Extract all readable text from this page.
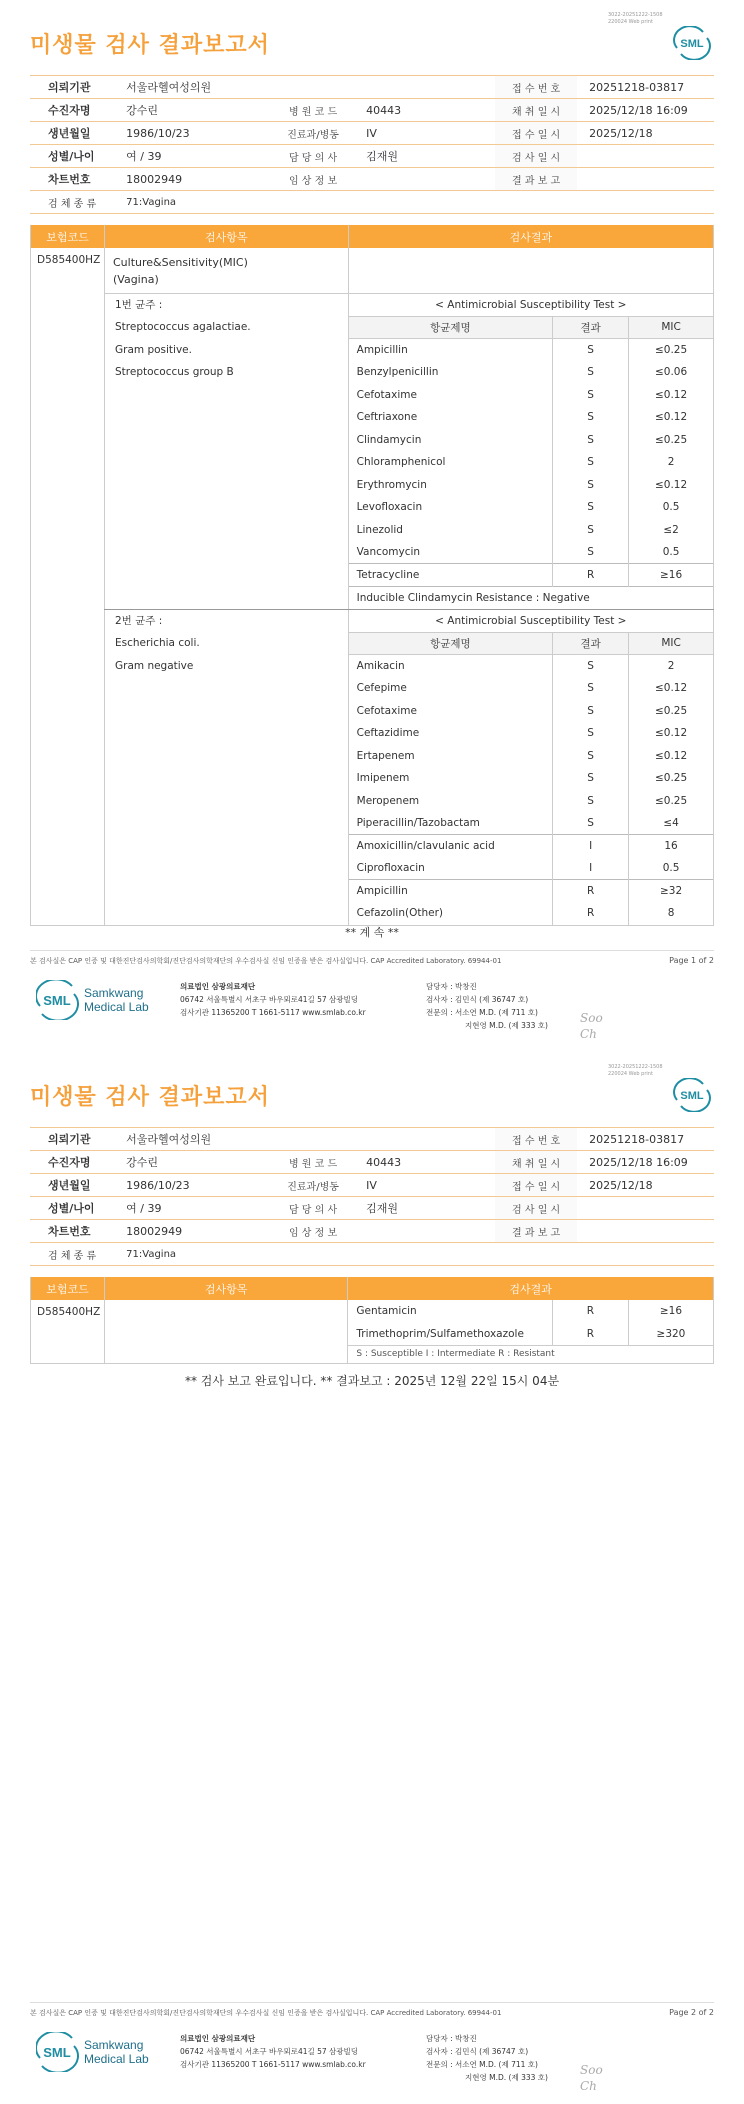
3022-20251222-1508
220024 Web print
미생물 검사 결과보고서	SML
의뢰기관	서울라헬여성의원			접 수 번 호	20251218-03817
수진자명	강수린	병 원 코 드	40443	채 취 일 시	2025/12/18 16:09
생년월일	1986/10/23	진료과/병동	IV	접 수 일 시	2025/12/18
성별/나이	여 / 39	담 당 의 사	김재원	검 사 일 시	
차트번호	18002949	임 상 정 보		결 과 보 고	
검 체 종 류	71:Vagina				
보험코드	검사항목	검사결과
D585400HZ	Culture&Sensitivity(MIC)
(Vagina)

1번 균주 :
Streptococcus agalactiae.
Gram positive.
Streptococcus group B

< Antimicrobial Susceptibility Test >
항균제명	결과	MIC
Ampicillin	S	≤0.25
Benzylpenicillin	S	≤0.06
Cefotaxime	S	≤0.12
Ceftriaxone	S	≤0.12
Clindamycin	S	≤0.25
Chloramphenicol	S	2
Erythromycin	S	≤0.12
Levofloxacin	S	0.5
Linezolid	S	≤2
Vancomycin	S	0.5
Tetracycline	R	≥16
Inducible Clindamycin Resistance : Negative

2번 균주 :
Escherichia coli.
Gram negative

< Antimicrobial Susceptibility Test >
항균제명	결과	MIC
Amikacin	S	2
Cefepime	S	≤0.12
Cefotaxime	S	≤0.25
Ceftazidime	S	≤0.12
Ertapenem	S	≤0.12
Imipenem	S	≤0.25
Meropenem	S	≤0.25
Piperacillin/Tazobactam	S	≤4
Amoxicillin/clavulanic acid	I	16
Ciprofloxacin	I	0.5
Ampicillin	R	≥32
Cefazolin(Other)	R	8
** 계 속 **
본 검사실은 CAP 인증 및 대한진단검사의학회/진단검사의학재단의 우수검사실 신임 인증을 받은 검사실입니다. CAP Accredited Laboratory. 69944-01	Page 1 of 2
SML Samkwang
Medical Lab
의료법인 삼광의료재단
06742 서울특별시 서초구 바우뫼로41길 57 삼광빌딩
검사기관 11365200 T 1661-5117 www.smlab.co.kr
담당자 : 박창진
검사자 : 김민식 (제 36747 호)
전문의 : 서소연 M.D. (제 711 호)
지현영 M.D. (제 333 호)
Soo
Ch
3022-20251222-1508
220024 Web print
미생물 검사 결과보고서	SML
의뢰기관	서울라헬여성의원			접 수 번 호	20251218-03817
수진자명	강수린	병 원 코 드	40443	채 취 일 시	2025/12/18 16:09
생년월일	1986/10/23	진료과/병동	IV	접 수 일 시	2025/12/18
성별/나이	여 / 39	담 당 의 사	김재원	검 사 일 시	
차트번호	18002949	임 상 정 보		결 과 보 고	
검 체 종 류	71:Vagina				
보험코드	검사항목	검사결과
D585400HZ			Gentamicin	R	≥16
Trimethoprim/Sulfamethoxazole	R	≥320
S : Susceptible I : Intermediate R : Resistant
** 검사 보고 완료입니다. ** 결과보고 : 2025년 12월 22일 15시 04분
본 검사실은 CAP 인증 및 대한진단검사의학회/진단검사의학재단의 우수검사실 신임 인증을 받은 검사실입니다. CAP Accredited Laboratory. 69944-01	Page 2 of 2
SML Samkwang
Medical Lab
의료법인 삼광의료재단
06742 서울특별시 서초구 바우뫼로41길 57 삼광빌딩
검사기관 11365200 T 1661-5117 www.smlab.co.kr
담당자 : 박창진
검사자 : 김민식 (제 36747 호)
전문의 : 서소연 M.D. (제 711 호)
지현영 M.D. (제 333 호)
Soo
Ch
